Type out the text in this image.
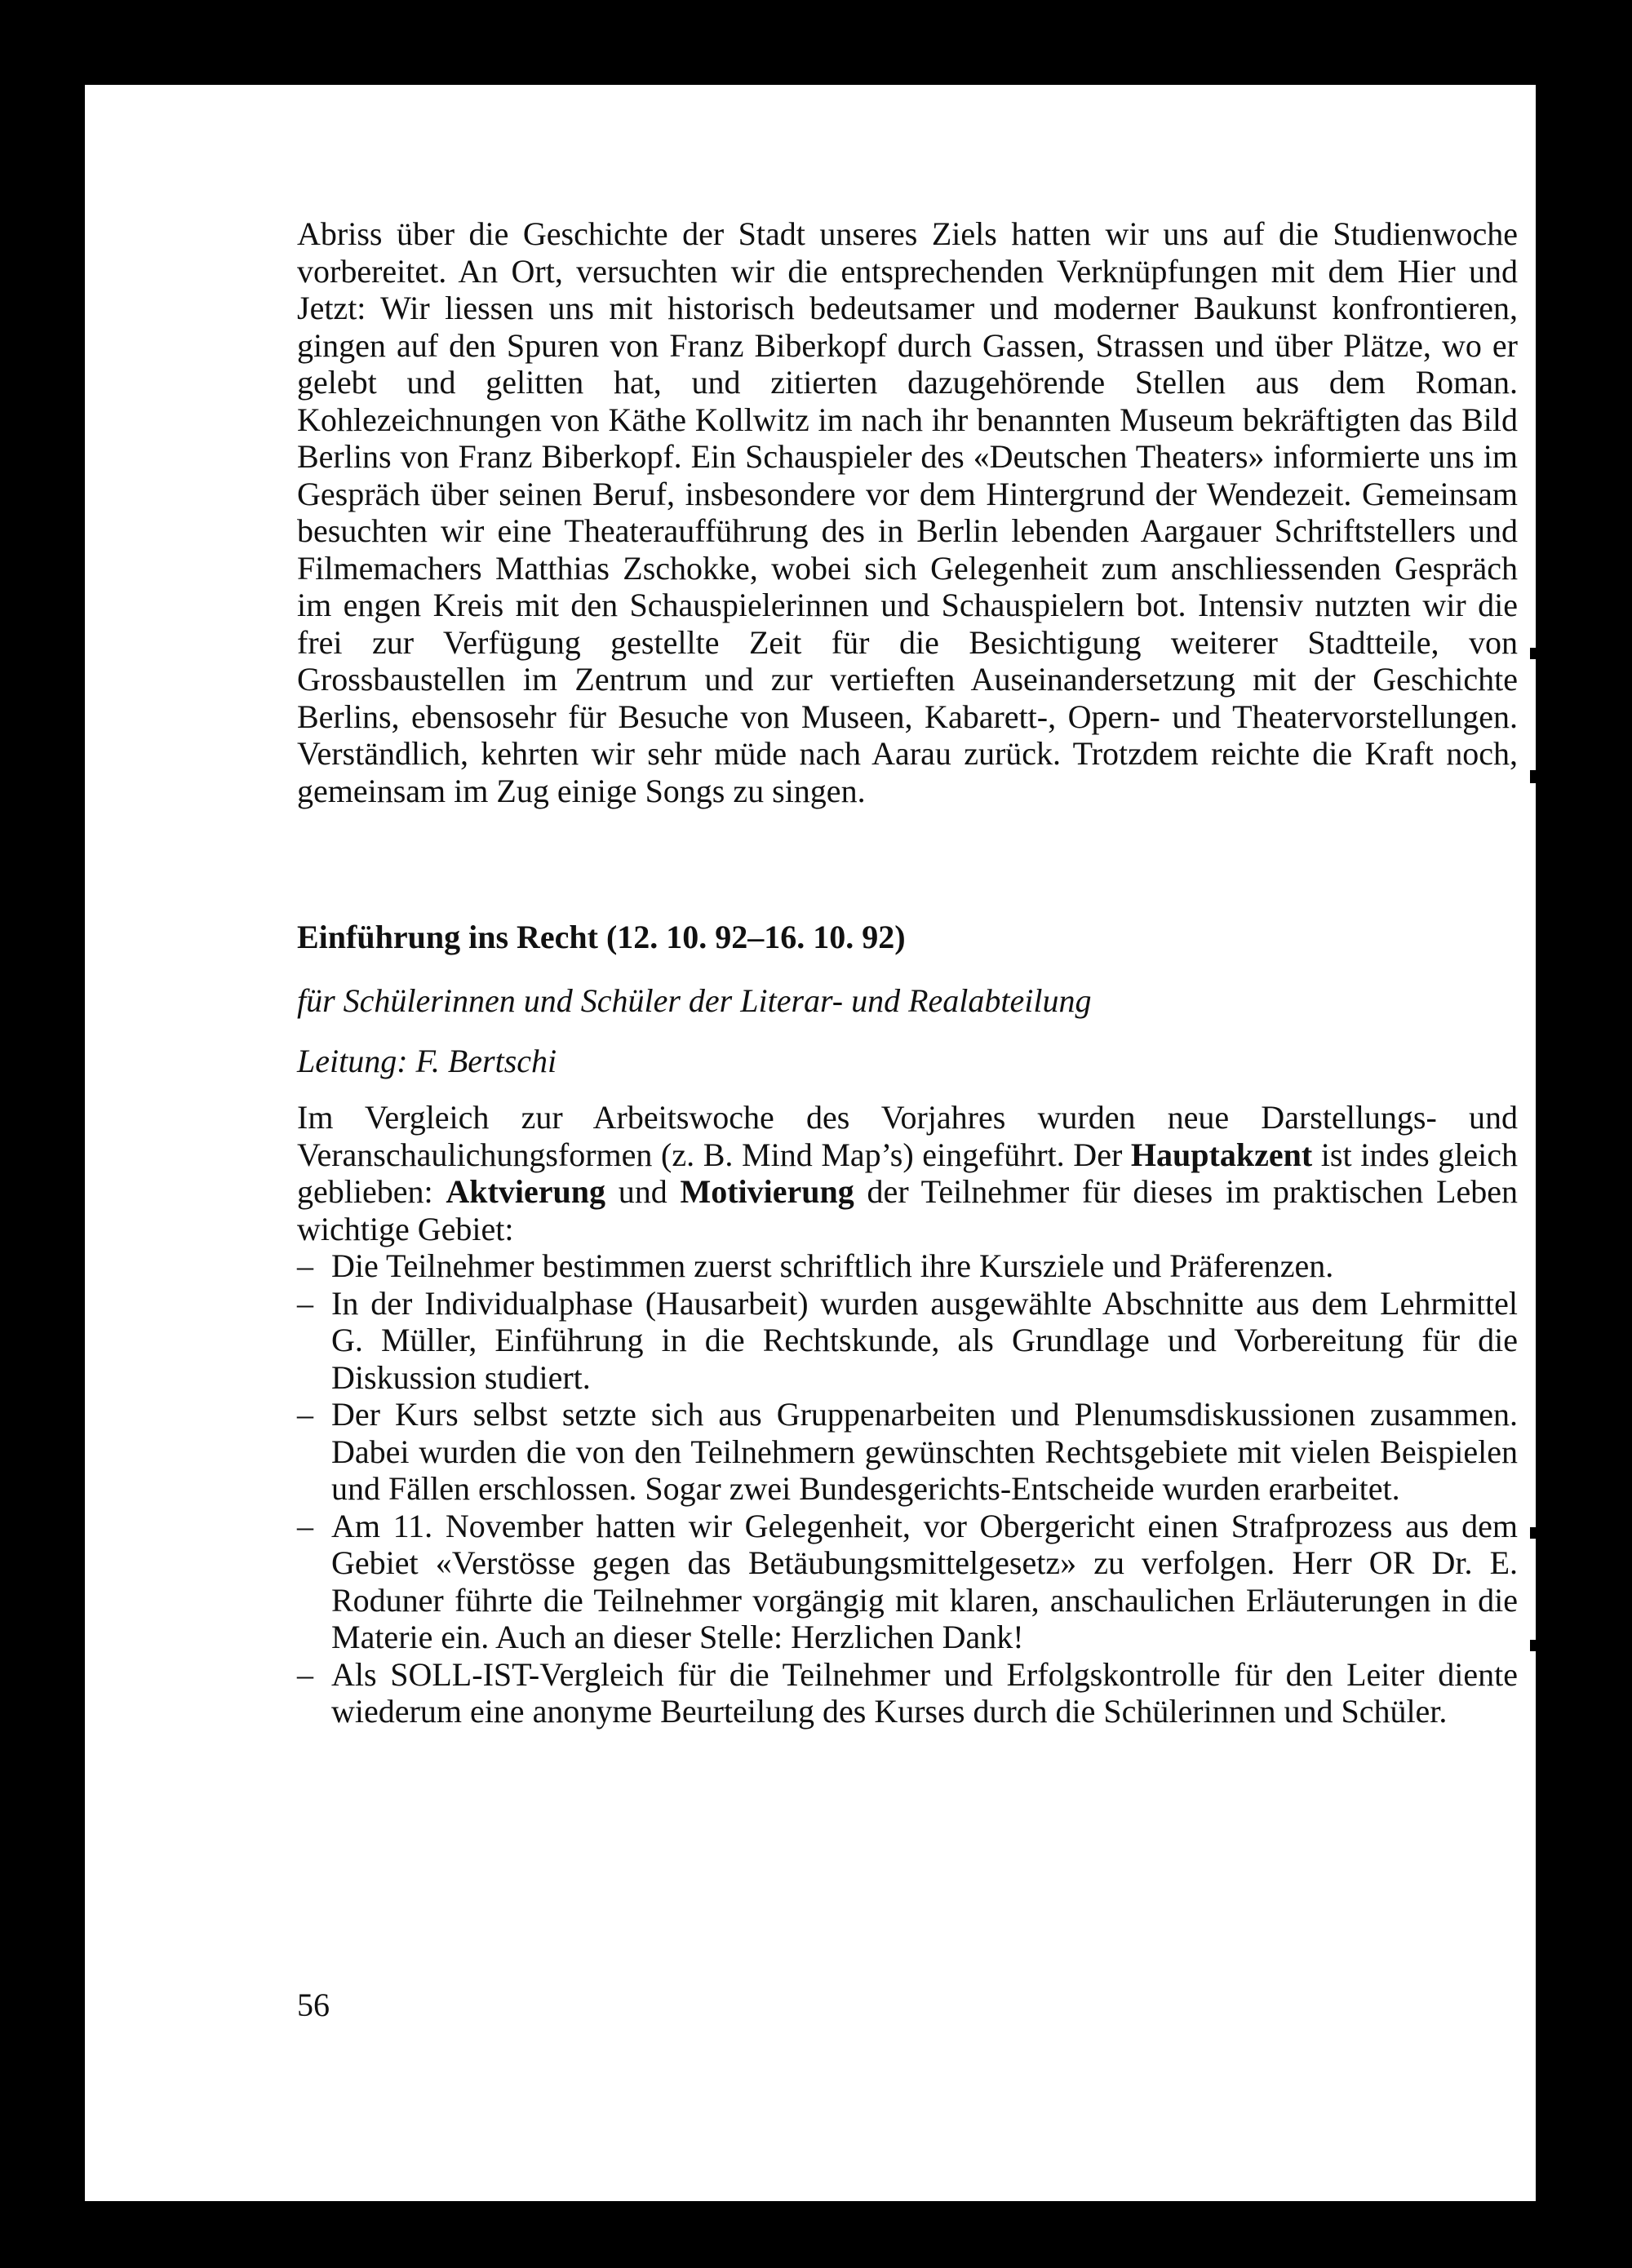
Abriss über die Geschichte der Stadt unseres Ziels hatten wir uns auf die Studienwoche vorbereitet. An Ort, versuchten wir die entsprechenden Verknüpfungen mit dem Hier und Jetzt: Wir liessen uns mit historisch bedeutsamer und moderner Baukunst konfrontieren, gingen auf den Spuren von Franz Biberkopf durch Gassen, Strassen und über Plätze, wo er gelebt und gelitten hat, und zitierten dazugehörende Stellen aus dem Roman. Kohlezeichnungen von Käthe Kollwitz im nach ihr benannten Museum bekräftigten das Bild Berlins von Franz Biberkopf. Ein Schauspieler des «Deutschen Theaters» informierte uns im Gespräch über seinen Beruf, insbesondere vor dem Hintergrund der Wendezeit. Gemeinsam besuchten wir eine Theateraufführung des in Berlin lebenden Aargauer Schriftstellers und Filmemachers Matthias Zschokke, wobei sich Gelegenheit zum anschliessenden Gespräch im engen Kreis mit den Schauspielerinnen und Schauspielern bot. Intensiv nutzten wir die frei zur Verfügung gestellte Zeit für die Besichtigung weiterer Stadtteile, von Grossbaustellen im Zentrum und zur vertieften Auseinandersetzung mit der Geschichte Berlins, ebensosehr für Besuche von Museen, Kabarett-, Opern- und Theatervorstellungen. Verständlich, kehrten wir sehr müde nach Aarau zurück. Trotzdem reichte die Kraft noch, gemeinsam im Zug einige Songs zu singen.

Einführung ins Recht (12. 10. 92–16. 10. 92)

für Schülerinnen und Schüler der Literar- und Realabteilung

Leitung: F. Bertschi

Im Vergleich zur Arbeitswoche des Vorjahres wurden neue Darstellungs- und Veranschaulichungsformen (z. B. Mind Map’s) eingeführt. Der Hauptakzent ist indes gleich geblieben: Aktvierung und Motivierung der Teilnehmer für dieses im praktischen Leben wichtige Gebiet:

– Die Teilnehmer bestimmen zuerst schriftlich ihre Kursziele und Präferenzen.
– In der Individualphase (Hausarbeit) wurden ausgewählte Abschnitte aus dem Lehrmittel G. Müller, Einführung in die Rechtskunde, als Grundlage und Vorbereitung für die Diskussion studiert.
– Der Kurs selbst setzte sich aus Gruppenarbeiten und Plenumsdiskussionen zusammen. Dabei wurden die von den Teilnehmern gewünschten Rechtsgebiete mit vielen Beispielen und Fällen erschlossen. Sogar zwei Bundesgerichts-Entscheide wurden erarbeitet.
– Am 11. November hatten wir Gelegenheit, vor Obergericht einen Strafprozess aus dem Gebiet «Verstösse gegen das Betäubungsmittelgesetz» zu verfolgen. Herr OR Dr. E. Roduner führte die Teilnehmer vorgängig mit klaren, anschaulichen Erläuterungen in die Materie ein. Auch an dieser Stelle: Herzlichen Dank!
– Als SOLL-IST-Vergleich für die Teilnehmer und Erfolgskontrolle für den Leiter diente wiederum eine anonyme Beurteilung des Kurses durch die Schülerinnen und Schüler.
56
